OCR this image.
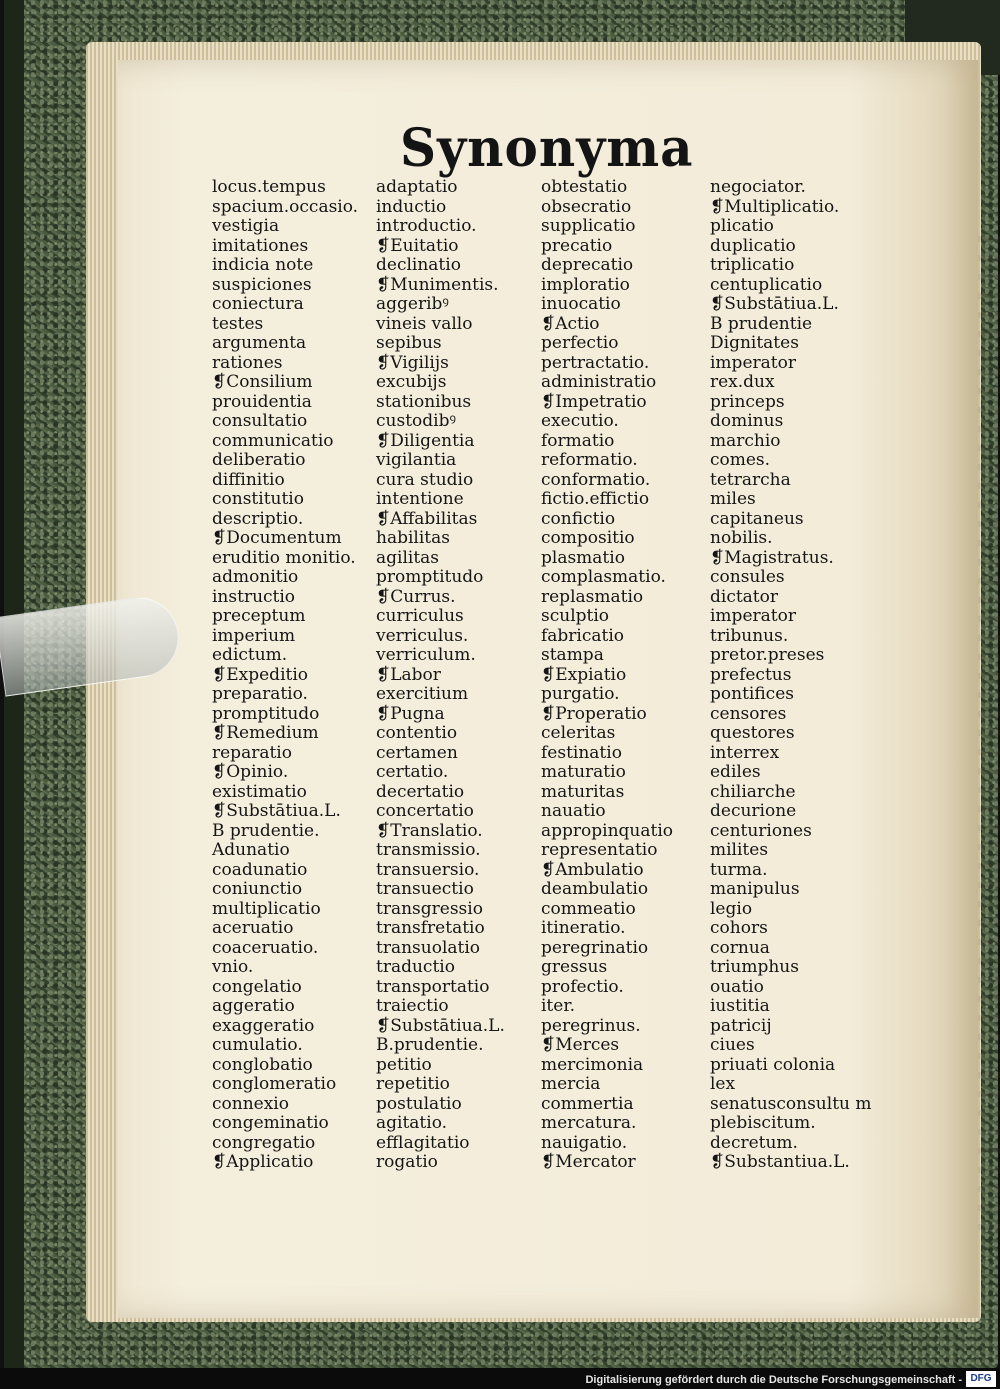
Synonyma
locus.tempus
spacium.occasio.
vestigia
imitationes
indicia note
suspiciones
coniectura
testes
argumenta
rationes
❡Consilium
prouidentia
consultatio
communicatio
deliberatio
diffinitio
constitutio
descriptio.
❡Documentum
eruditio monitio.
admonitio
instructio
preceptum
imperium
edictum.
❡Expeditio
preparatio.
promptitudo
❡Remedium
reparatio
❡Opinio.
existimatio
❡Substātiua.L.
B prudentie.
Adunatio
coadunatio
coniunctio
multiplicatio
aceruatio
coaceruatio.
vnio.
congelatio
aggeratio
exaggeratio
cumulatio.
conglobatio
conglomeratio
connexio
congeminatio
congregatio
❡Applicatio
adaptatio
inductio
introductio.
❡Euitatio
declinatio
❡Munimentis.
aggeribꝰ
vineis vallo
sepibus
❡Vigilijs
excubijs
stationibus
custodibꝰ
❡Diligentia
vigilantia
cura studio
intentione
❡Affabilitas
habilitas
agilitas
promptitudo
❡Currus.
curriculus
verriculus.
verriculum.
❡Labor
exercitium
❡Pugna
contentio
certamen
certatio.
decertatio
concertatio
❡Translatio.
transmissio.
transuersio.
transuectio
transgressio
transfretatio
transuolatio
traductio
transportatio
traiectio
❡Substātiua.L.
B.prudentie.
petitio
repetitio
postulatio
agitatio.
efflagitatio
rogatio
obtestatio
obsecratio
supplicatio
precatio
deprecatio
imploratio
inuocatio
❡Actio
perfectio
pertractatio.
administratio
❡Impetratio
executio.
formatio
reformatio.
conformatio.
fictio.effictio
confictio
compositio
plasmatio
complasmatio.
replasmatio
sculptio
fabricatio
stampa
❡Expiatio
purgatio.
❡Properatio
celeritas
festinatio
maturatio
maturitas
nauatio
appropinquatio
representatio
❡Ambulatio
deambulatio
commeatio
itineratio.
peregrinatio
gressus
profectio.
iter.
peregrinus.
❡Merces
mercimonia
mercia
commertia
mercatura.
nauigatio.
❡Mercator
negociator.
❡Multiplicatio.
plicatio
duplicatio
triplicatio
centuplicatio
❡Substātiua.L.
B prudentie
Dignitates
imperator
rex.dux
princeps
dominus
marchio
comes.
tetrarcha
miles
capitaneus
nobilis.
❡Magistratus.
consules
dictator
imperator
tribunus.
pretor.preses
prefectus
pontifices
censores
questores
interrex
ediles
chiliarche
decurione
centuriones
milites
turma.
manipulus
legio
cohors
cornua
triumphus
ouatio
iustitia
patricij
ciues
priuati colonia
lex
senatusconsultu m
plebiscitum.
decretum.
❡Substantiua.L.
Digitalisierung gefördert durch die Deutsche Forschungsgemeinschaft - DFG
